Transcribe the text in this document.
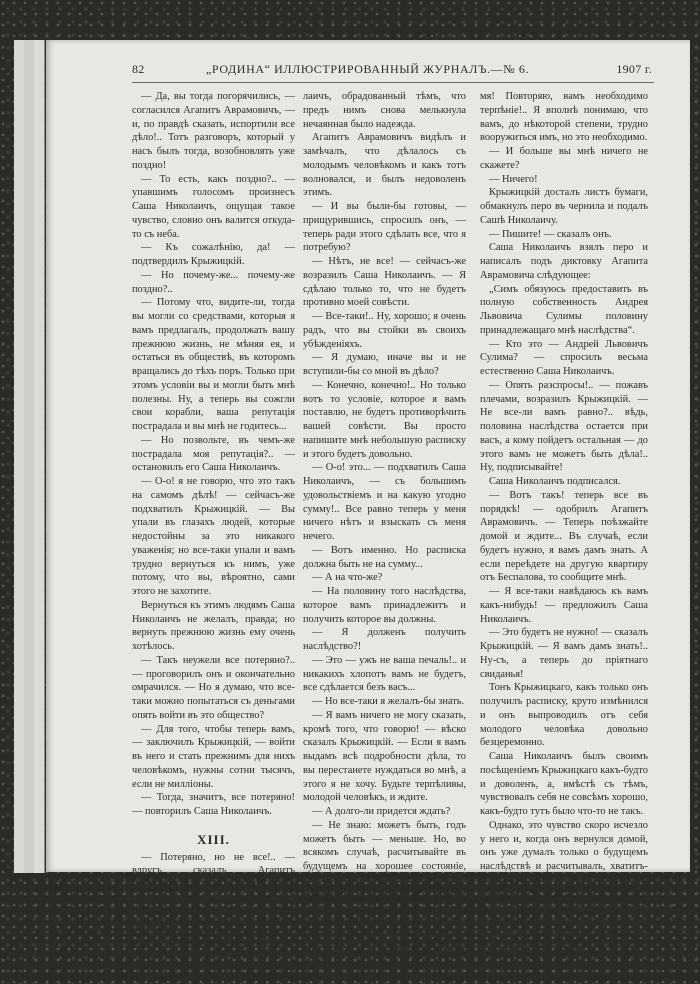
82	„РОДИНА“ ИЛЛЮСТРИРОВАННЫЙ ЖУРНАЛЪ.—№ 6.	1907 г.

— Да, вы тогда погорячились, — согласился Агапитъ Аврамовичъ, — и, по правдѣ сказать, испортили все дѣло!.. Тотъ разговоръ, который у насъ былъ тогда, возобновлять уже поздно!

— То есть, какъ поздно?.. — упавшимъ голосомъ произнесъ Саша Николаичъ, ощущая такое чувство, словно онъ валится откуда-то съ неба.

— Къ сожалѣнію, да! — подтвердилъ Крыжицкій.

— Но почему-же... почему-же поздно?..

— Потому что, видите-ли, тогда вы могли со средствами, которыя я вамъ предлагалъ, продолжать вашу прежнюю жизнь, не мѣняя ея, и остаться въ обществѣ, въ которомъ вращались до тѣхъ поръ. Только при этомъ условіи вы и могли быть мнѣ полезны. Ну, а теперь вы сожгли свои корабли, ваша репутація пострадала и вы мнѣ не годитесь...

— Но позвольте, въ чемъ-же пострадала моя репутація?.. — остановилъ его Саша Николаичъ.

— О-о! я не говорю, что это такъ на самомъ дѣлѣ! — сейчасъ-же подхватилъ Крыжицкій. — Вы упали въ глазахъ людей, которые недостойны за это никакого уваженія; но все-таки упали и вамъ трудно вернуться къ нимъ, уже потому, что вы, вѣроятно, сами этого не захотите.

Вернуться къ этимъ людямъ Саша Николаичъ не желалъ, правда; но вернуть прежнюю жизнь ему очень хотѣлось.

— Такъ неужели все потеряно?.. — проговорилъ онъ и окончательно омрачился. — Но я думаю, что все-таки можно попытаться съ деньгами опять войти въ это общество?

— Для того, чтобы теперь вамъ, — заключилъ Крыжицкій, — войти въ него и стать прежнимъ для нихъ человѣкомъ, нужны сотни тысячъ, если не милліоны.

— Тогда, значитъ, все потеряно! — повторилъ Саша Николаичъ.

XIII.

— Потеряно, но не все!.. — вдругъ сказалъ Агапитъ Аврамовичъ: — у васъ есть возможность получить эти сотни тысячъ... если вы, впрочемъ, захотите?

— Да, да! я хочу этого!.. — поспѣшно подтвердилъ Саша Нико-

лаичъ, обрадованный тѣмъ, что предъ нимъ снова мелькнула нечаянная было надежда.

Агапитъ Аврамовичъ видѣлъ и замѣчалъ, что дѣлалось съ молодымъ человѣкомъ и какъ тотъ волновался, и былъ недоволенъ этимъ.

— И вы были-бы готовы, — прищурившись, спросилъ онъ, — теперь ради этого сдѣлать все, что я потребую?

— Нѣтъ, не все! — сейчасъ-же возразилъ Саша Николаичъ. — Я сдѣлаю только то, что не будетъ противно моей совѣсти.

— Все-таки!.. Ну, хорошо; я очень радъ, что вы стойки въ своихъ убѣжденіяхъ.

— Я думаю, иначе вы и не вступили-бы со мной въ дѣло?

— Конечно, конечно!.. Но только вотъ то условіе, которое я вамъ поставлю, не будетъ противорѣчить вашей совѣсти. Вы просто напишите мнѣ небольшую расписку и этого будетъ довольно.

— О-о! это... — подхватилъ Саша Николаичъ, — съ большимъ удовольствіемъ и на какую угодно сумму!.. Все равно теперь у меня ничего нѣтъ и взыскать съ меня нечего.

— Вотъ именно. Но расписка должна быть не на сумму...

— А на что-же?

— На половину того наслѣдства, которое вамъ принадлежитъ и получить которое вы должны.

— Я долженъ получить наслѣдство?!

— Это — ужъ не ваша печаль!.. и никакихъ хлопотъ вамъ не будетъ, все сдѣлается безъ васъ...

— Но все-таки я желалъ-бы знать.

— Я вамъ ничего не могу сказать, кромѣ того, что говорю! — вѣско сказалъ Крыжицкій. — Если я вамъ выдамъ всѣ подробности дѣла, то вы перестанете нуждаться во мнѣ, а этого я не хочу. Будьте терпѣливы, молодой человѣкъ, и ждите.

— А долго-ли придется ждать?

— Не знаю: можетъ быть, годъ можетъ быть — меньше. Но, во всякомъ случаѣ, расчитывайте въ будущемъ на хорошее состояніе, потому что и половина вашего наслѣдства составляетъ крупный кушъ.

— Но позвольте!.. Тогда вы должны знать, кто мой отецъ и кто моя мать, и хоть это-то скажите мнѣ!

— Все вы узнаете въ свое вре-

мя! Повторяю, вамъ необходимо терпѣніе!.. Я вполнѣ понимаю, что вамъ, до нѣкоторой степени, трудно вооружиться имъ, но это необходимо.

— И больше вы мнѣ ничего не скажете?

— Ничего!

Крыжицкій досталъ листъ бумаги, обмакнулъ перо въ чернила и подалъ Сашѣ Николаичу.

— Пишите! — сказалъ онъ.

Саша Николаичъ взялъ перо и написалъ подъ диктовку Агапита Аврамовича слѣдующее:

„Симъ обязуюсь предоставить въ полную собственность Андрея Львовича Сулимы половину принадлежащаго мнѣ наслѣдства“.

— Кто это — Андрей Львовичъ Сулима? — спросилъ весьма естественно Саша Николаичъ.

— Опять разспросы!.. — пожавъ плечами, возразилъ Крыжицкій. — Не все-ли вамъ равно?.. вѣдь, половина наслѣдства остается при васъ, а кому пойдетъ остальная — до этого вамъ не можетъ быть дѣла!.. Ну, подписывайте!

Саша Николаичъ подписался.

— Вотъ такъ! теперь все въ порядкѣ! — одобрилъ Агапитъ Аврамовичъ. — Теперь поѣзжайте домой и ждите... Въ случаѣ, если будетъ нужно, я вамъ дамъ знать. А если переѣдете на другую квартиру отъ Беспалова, то сообщите мнѣ.

— Я все-таки навѣдаюсь къ вамъ какъ-нибудь! — предложилъ Саша Николаичъ.

— Это будетъ не нужно! — сказалъ Крыжицкій. — Я вамъ дамъ знать!.. Ну-съ, а теперь до пріятнаго свиданья!

Тонъ Крыжицкаго, какъ только онъ получилъ расписку, круто измѣнился и онъ выпроводилъ отъ себя молодого человѣка довольно безцеремонно.

Саша Николаичъ былъ своимъ посѣщеніемъ Крыжицкаго какъ-будто и доволенъ, а, вмѣстѣ съ тѣмъ, чувствовалъ себя не совсѣмъ хорошо, какъ-будто тутъ было что-то не такъ.

Однако, это чувство скоро исчезло у него и, когда онъ вернулся домой, онъ уже думалъ только о будущемъ наслѣдствѣ и расчитывалъ, хватитъ-ли у него денегъ, чтобъ прожить на нихъ годъ.

На годъ у него денегъ должно было хватить съ лихвой, если, конечно, не позволять себѣ никакихъ излишествъ. А, самое
